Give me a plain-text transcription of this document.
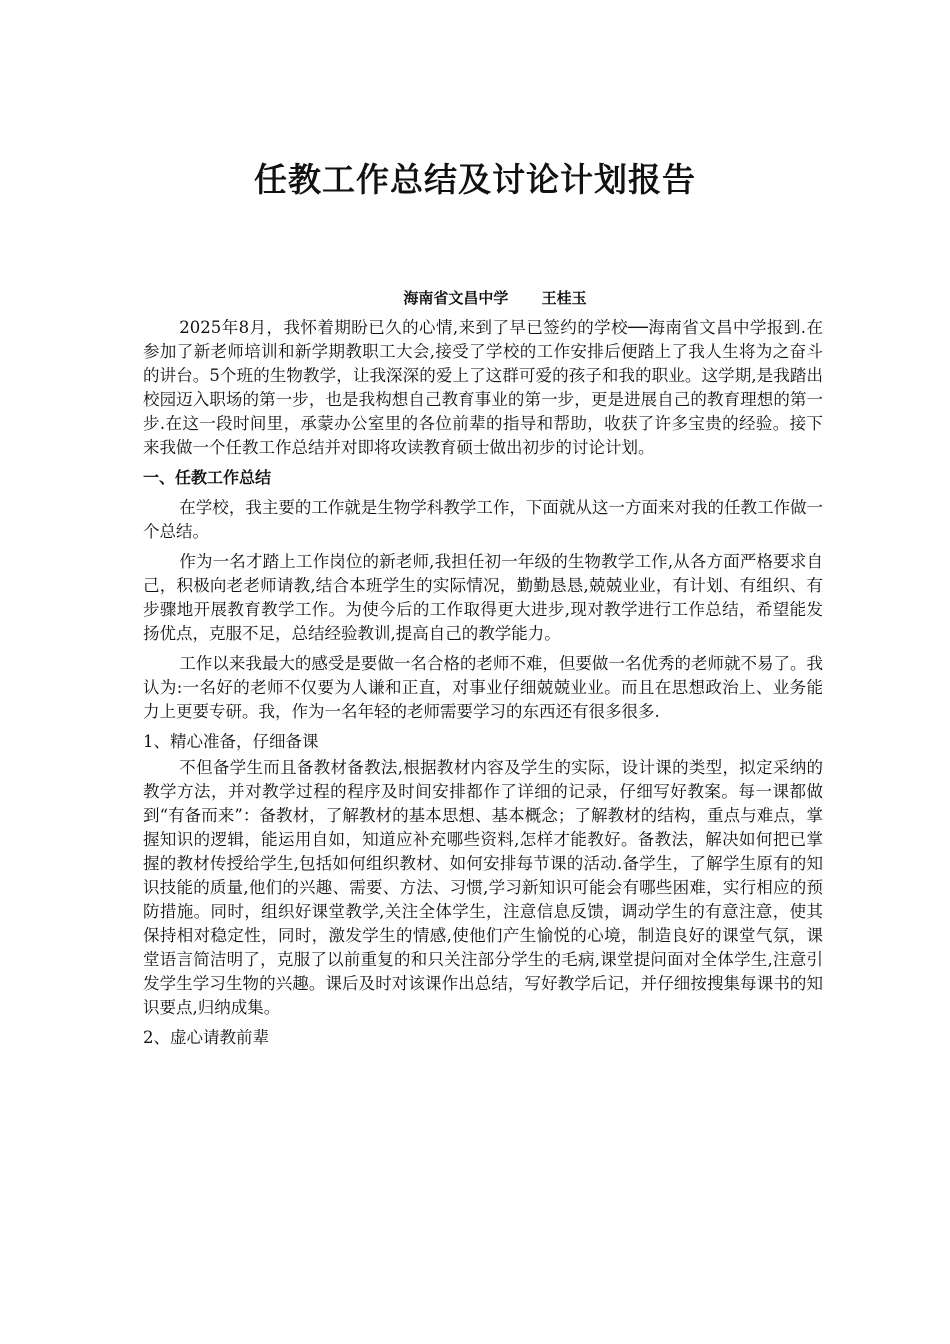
任教工作总结及讨论计划报告
海南省文昌中学 王桂玉

2025年8月，我怀着期盼已久的心情,来到了早已签约的学校──海南省文昌中学报到.在参加了新老师培训和新学期教职工大会,接受了学校的工作安排后便踏上了我人生将为之奋斗的讲台。5个班的生物教学，让我深深的爱上了这群可爱的孩子和我的职业。这学期,是我踏出校园迈入职场的第一步，也是我构想自己教育事业的第一步，更是进展自己的教育理想的第一步.在这一段时间里，承蒙办公室里的各位前辈的指导和帮助，收获了许多宝贵的经验。接下来我做一个任教工作总结并对即将攻读教育硕士做出初步的讨论计划。

一、任教工作总结

在学校，我主要的工作就是生物学科教学工作，下面就从这一方面来对我的任教工作做一个总结。

作为一名才踏上工作岗位的新老师,我担任初一年级的生物教学工作,从各方面严格要求自己，积极向老老师请教,结合本班学生的实际情况，勤勤恳恳,兢兢业业，有计划、有组织、有步骤地开展教育教学工作。为使今后的工作取得更大进步,现对教学进行工作总结，希望能发扬优点，克服不足，总结经验教训,提高自己的教学能力。

工作以来我最大的感受是要做一名合格的老师不难，但要做一名优秀的老师就不易了。我认为:一名好的老师不仅要为人谦和正直，对事业仔细兢兢业业。而且在思想政治上、业务能力上更要专研。我，作为一名年轻的老师需要学习的东西还有很多很多.

1、精心准备，仔细备课

不但备学生而且备教材备教法,根据教材内容及学生的实际，设计课的类型，拟定采纳的教学方法，并对教学过程的程序及时间安排都作了详细的记录，仔细写好教案。每一课都做到“有备而来”：备教材，了解教材的基本思想、基本概念；了解教材的结构，重点与难点，掌握知识的逻辑，能运用自如，知道应补充哪些资料,怎样才能教好。备教法，解决如何把已掌握的教材传授给学生,包括如何组织教材、如何安排每节课的活动.备学生，了解学生原有的知识技能的质量,他们的兴趣、需要、方法、习惯,学习新知识可能会有哪些困难，实行相应的预防措施。同时，组织好课堂教学,关注全体学生，注意信息反馈，调动学生的有意注意，使其保持相对稳定性，同时，激发学生的情感,使他们产生愉悦的心境，制造良好的课堂气氛，课堂语言简洁明了，克服了以前重复的和只关注部分学生的毛病,课堂提问面对全体学生,注意引发学生学习生物的兴趣。课后及时对该课作出总结，写好教学后记，并仔细按搜集每课书的知识要点,归纳成集。

2、虚心请教前辈
